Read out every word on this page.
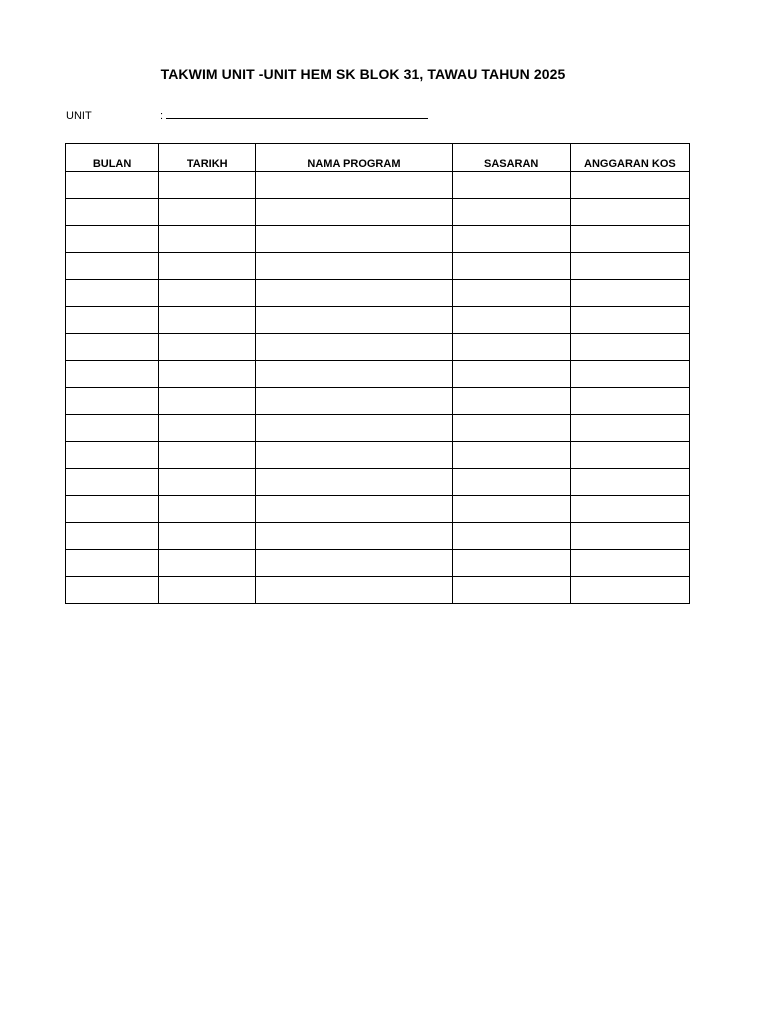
TAKWIM UNIT -UNIT HEM SK BLOK 31, TAWAU TAHUN 2025
UNIT	:
BULAN	TARIKH	NAMA PROGRAM	SASARAN	ANGGARAN KOS
